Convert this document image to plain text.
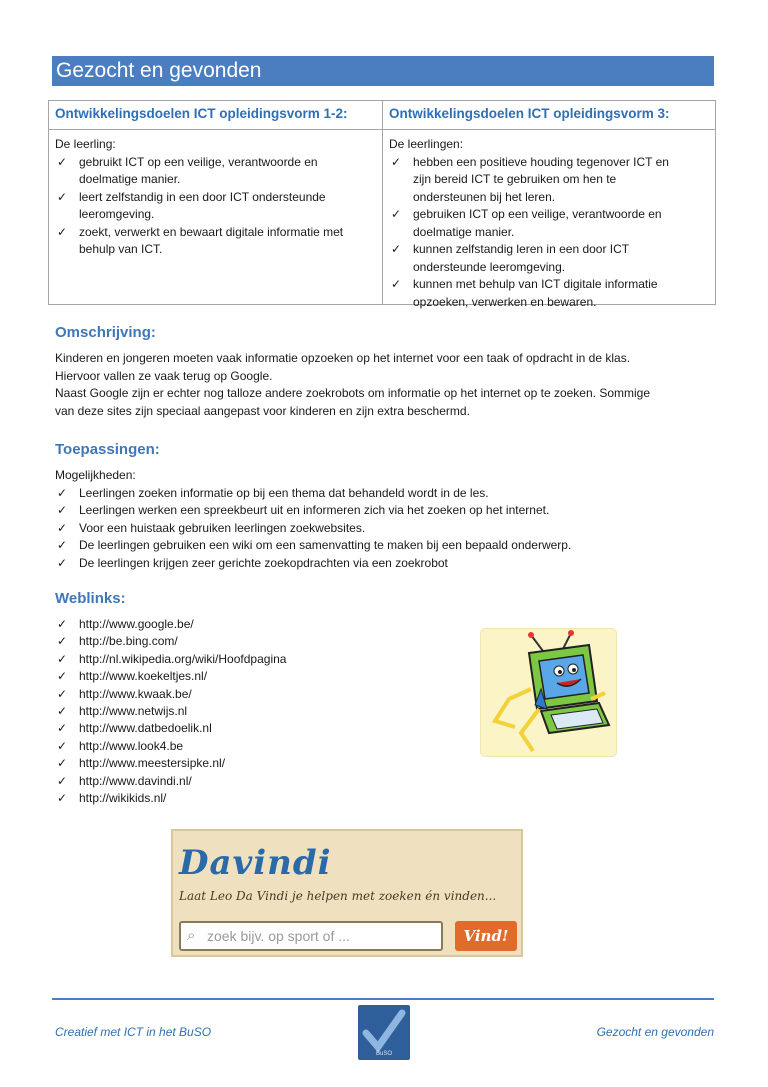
Gezocht en gevonden
Ontwikkelingsdoelen ICT opleidingsvorm 1-2:
De leerling:
✓ gebruikt ICT op een veilige, verantwoorde en
doelmatige manier.
✓ leert zelfstandig in een door ICT ondersteunde
leeromgeving.
✓ zoekt, verwerkt en bewaart digitale informatie met
behulp van ICT.
Ontwikkelingsdoelen ICT opleidingsvorm 3:
De leerlingen:
✓ hebben een positieve houding tegenover ICT en
zijn bereid ICT te gebruiken om hen te
ondersteunen bij het leren.
✓ gebruiken ICT op een veilige, verantwoorde en
doelmatige manier.
✓ kunnen zelfstandig leren in een door ICT
ondersteunde leeromgeving.
✓ kunnen met behulp van ICT digitale informatie
opzoeken, verwerken en bewaren.
Omschrijving:
Kinderen en jongeren moeten vaak informatie opzoeken op het internet voor een taak of opdracht in de klas.
Hiervoor vallen ze vaak terug op Google.
Naast Google zijn er echter nog talloze andere zoekrobots om informatie op het internet op te zoeken. Sommige
van deze sites zijn speciaal aangepast voor kinderen en zijn extra beschermd.
Toepassingen:
Mogelijkheden:
✓ Leerlingen zoeken informatie op bij een thema dat behandeld wordt in de les.
✓ Leerlingen werken een spreekbeurt uit en informeren zich via het zoeken op het internet.
✓ Voor een huistaak gebruiken leerlingen zoekwebsites.
✓ De leerlingen gebruiken een wiki om een samenvatting te maken bij een bepaald onderwerp.
✓ De leerlingen krijgen zeer gerichte zoekopdrachten via een zoekrobot
Weblinks:
✓ http://www.google.be/
✓ http://be.bing.com/
✓ http://nl.wikipedia.org/wiki/Hoofdpagina
✓ http://www.koekeltjes.nl/
✓ http://www.kwaak.be/
✓ http://www.netwijs.nl
✓ http://www.datbedoelik.nl
✓ http://www.look4.be
✓ http://www.meestersipke.nl/
✓ http://www.davindi.nl/
✓ http://wikikids.nl/
Davindi
Laat Leo Da Vindi je helpen met zoeken én vinden...
⌕ zoek bijv. op sport of ...	Vind!
Creatief met ICT in het BuSO
BuSO
Gezocht en gevonden
